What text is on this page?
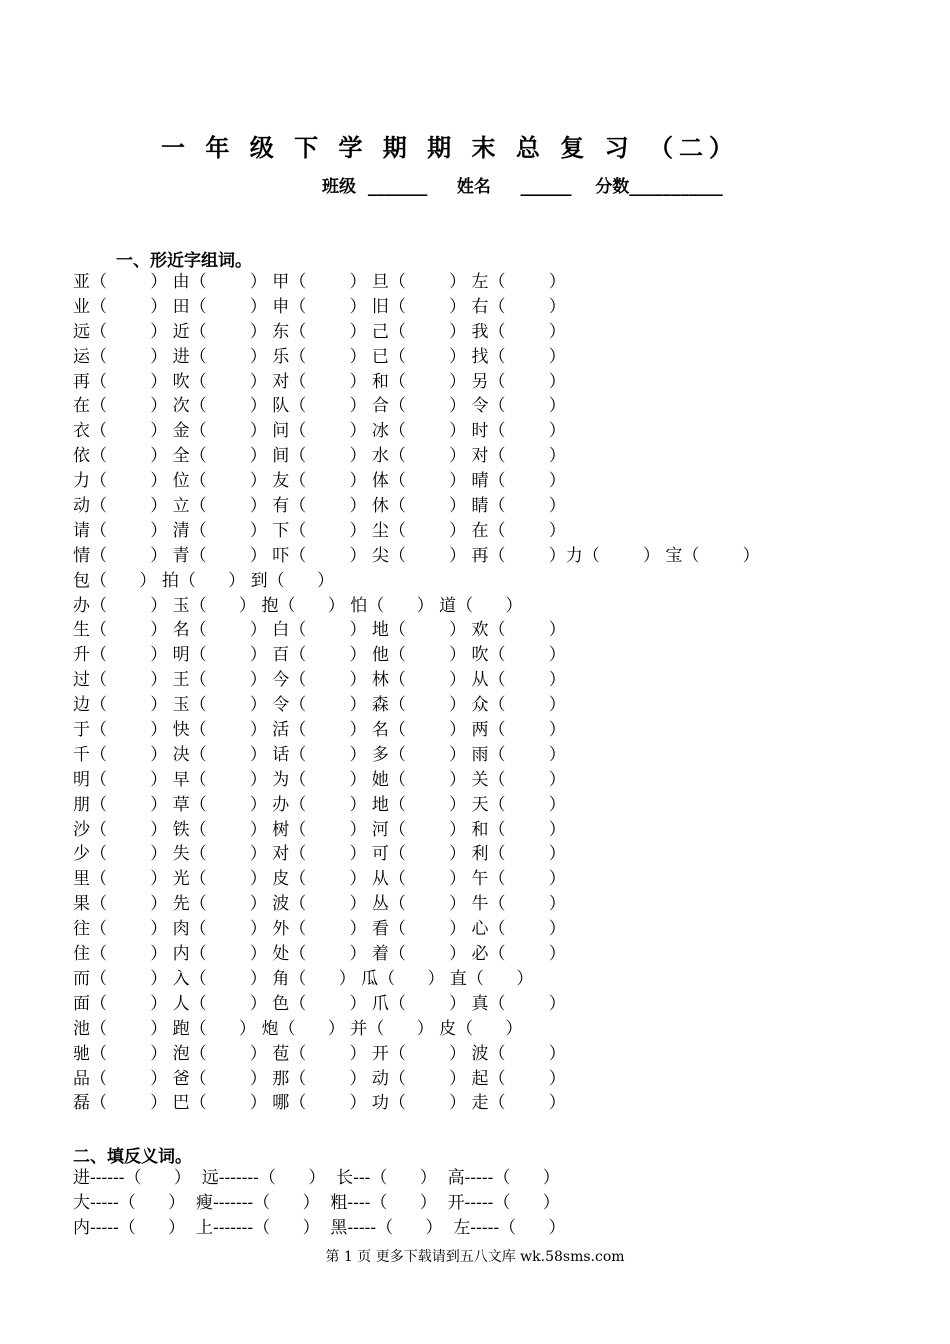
一 年 级 下 学 期 期 末 总 复 习 （二）
班级  _______     姓名     ______    分数___________
一、形近字组词。
亚（        ） 由（        ） 甲（        ） 旦（        ） 左（        ）
业（        ） 田（        ） 申（        ） 旧（        ） 右（        ）
远（        ） 近（        ） 东（        ） 己（        ） 我（        ）
运（        ） 进（        ） 乐（        ） 已（        ） 找（        ）
再（        ） 吹（        ） 对（        ） 和（        ） 另（        ）
在（        ） 次（        ） 队（        ） 合（        ） 令（        ）
衣（        ） 金（        ） 问（        ） 冰（        ） 时（        ）
依（        ） 全（        ） 间（        ） 水（        ） 对（        ）
力（        ） 位（        ） 友（        ） 体（        ） 晴（        ）
动（        ） 立（        ） 有（        ） 休（        ） 睛（        ）
请（        ） 清（        ） 下（        ） 尘（        ） 在（        ）
情（        ） 青（        ） 吓（        ） 尖（        ） 再（        ）力（        ） 宝（        ）
包（      ） 拍（      ） 到（      ）
办（        ） 玉（      ） 抱（      ） 怕（      ） 道（      ）
生（        ） 名（        ） 白（        ） 地（        ） 欢（        ）
升（        ） 明（        ） 百（        ） 他（        ） 吹（        ）
过（        ） 王（        ） 今（        ） 林（        ） 从（        ）
边（        ） 玉（        ） 令（        ） 森（        ） 众（        ）
于（        ） 快（        ） 活（        ） 名（        ） 两（        ）
千（        ） 决（        ） 话（        ） 多（        ） 雨（        ）
明（        ） 早（        ） 为（        ） 她（        ） 关（        ）
朋（        ） 草（        ） 办（        ） 地（        ） 天（        ）
沙（        ） 铁（        ） 树（        ） 河（        ） 和（        ）
少（        ） 失（        ） 对（        ） 可（        ） 利（        ）
里（        ） 光（        ） 皮（        ） 从（        ） 午（        ）
果（        ） 先（        ） 波（        ） 丛（        ） 牛（        ）
往（        ） 肉（        ） 外（        ） 看（        ） 心（        ）
住（        ） 内（        ） 处（        ） 着（        ） 必（        ）
而（        ） 入（        ） 角（      ） 瓜（      ） 直（      ）
面（        ） 人（        ） 色（        ） 爪（        ） 真（        ）
池（        ） 跑（      ） 炮（      ） 并（      ） 皮（      ）
驰（        ） 泡（        ） 苞（        ） 开（        ） 波（        ）
品（        ） 爸（        ） 那（        ） 动（        ） 起（        ）
磊（        ） 巴（        ） 哪（        ） 功（        ） 走（        ）
二、填反义词。
进------（      ）  远-------（      ）  长---（      ）  高-----（      ）
大-----（      ）  瘦-------（      ）  粗----（      ）  开-----（      ）
内-----（      ）  上-------（      ）  黑-----（      ）  左-----（      ）
第 1 页 更多下载请到五八文库 wk.58sms.com
